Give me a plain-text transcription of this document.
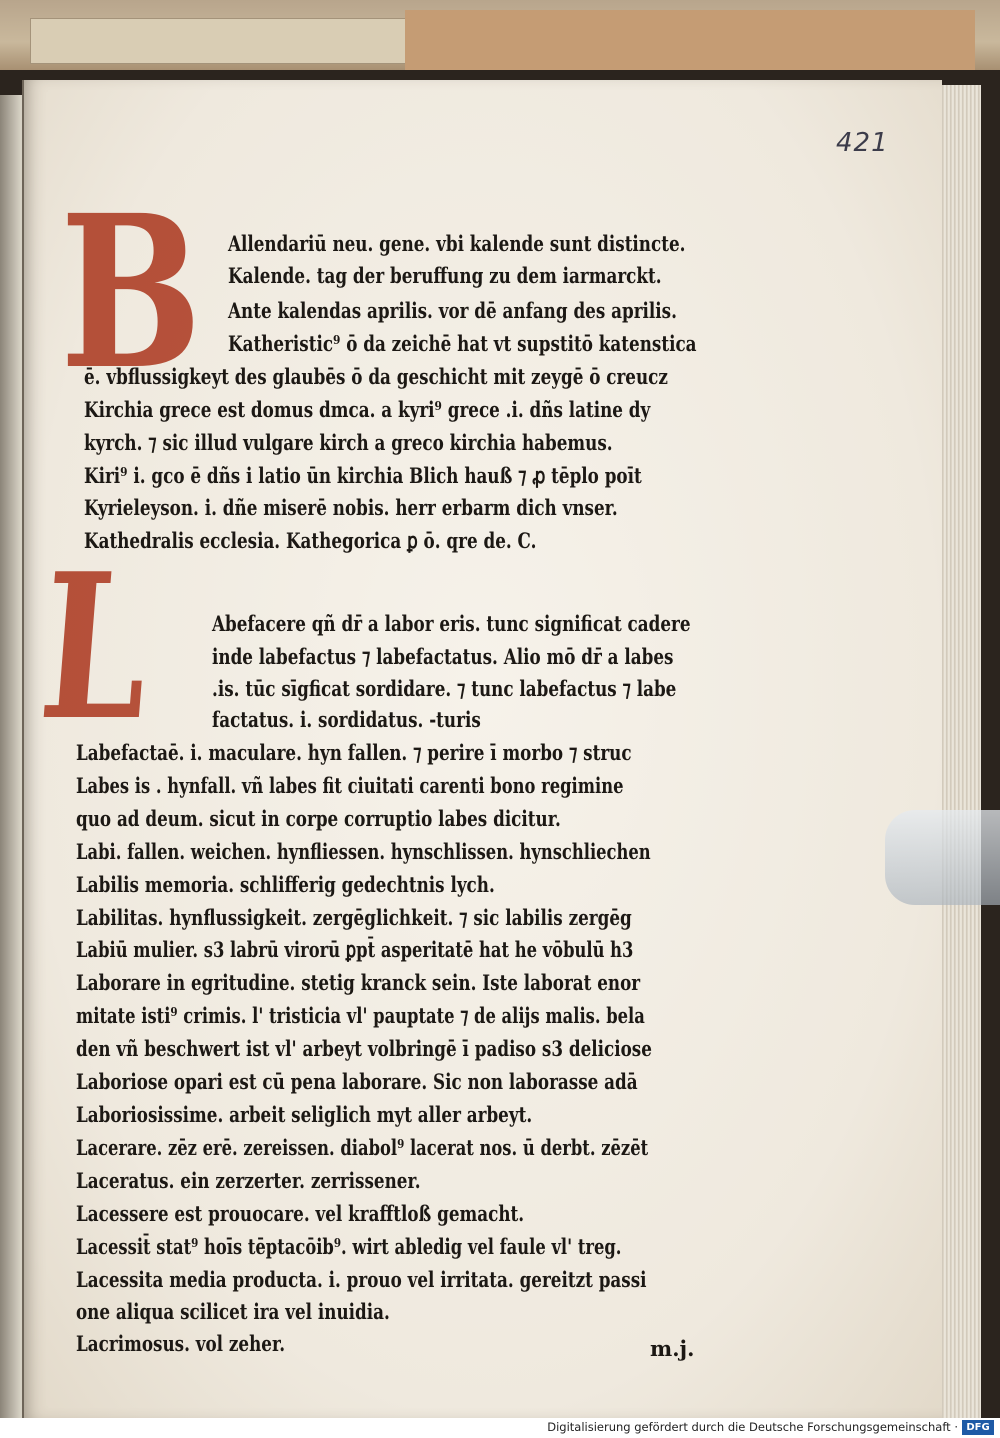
421
B
L
Allendariū neu. gene. vbi kalende sunt distincte.
Kalende. tag der beruffung zu dem iarmarckt.
Ante kalendas aprilis. vor dē anfang des aprilis.
Katheristic⁹ ō da zeichē hat vt supstitō katenstica
ē. vbflussigkeyt des glaubēs ō da geschicht mit zeygē ō creucz
Kirchia grece est domus dmca. a kyri⁹ grece .i. dñs latine dy
kyrch. ⁊ sic illud vulgare kirch a greco kirchia habemus.
Kiri⁹ i. gco ē dñs i latio ūn kirchia Blich hauß ⁊ ꝓ tēplo poīt
Kyrieleyson. i. dñe miserē nobis. herr erbarm dich vnser.
Kathedralis ecclesia. Kathegorica ꝑ ō. qre de. C.
Abefacere qñ dr̄ a labor eris. tunc significat cadere
inde labefactus ⁊ labefactatus. Alio mō dr̄ a labes
.is. tūc sīgficat sordidare. ⁊ tunc labefactus ⁊ labe
factatus. i. sordidatus. -turis
Labefactaē. i. maculare. hyn fallen. ⁊ perire ī morbo ⁊ struc
Labes is . hynfall. vñ labes fit ciuitati carenti bono regimine
quo ad deum. sicut in corpe corruptio labes dicitur.
Labi. fallen. weichen. hynfliessen. hynschlissen. hynschliechen
Labilis memoria. schlifferig gedechtnis lych.
Labilitas. hynflussigkeit. zergēglichkeit. ⁊ sic labilis zergēg
Labiū mulier. s3 labrū virorū ꝑpt̄ asperitatē hat he vōbulū h3
Laborare in egritudine. stetig kranck sein. Iste laborat enor
mitate isti⁹ crimis. l' tristicia vl' pauptate ⁊ de alijs malis. bela
den vñ beschwert ist vl' arbeyt volbringē ī padiso s3 deliciose
Laboriose opari est cū pena laborare. Sic non laborasse adā
Laboriosissime. arbeit seliglich myt aller arbeyt.
Lacerare. zēz erē. zereissen. diabol⁹ lacerat nos. ū derbt. zēzēt
Laceratus. ein zerzerter. zerrissener.
Lacessere est prouocare. vel krafftloß gemacht.
Lacessit̄ stat⁹ hoīs tēptacōib⁹. wirt abledig vel faule vl' treg.
Lacessita media producta. i. prouo vel irritata. gereitzt passi
one aliqua scilicet ira vel inuidia.
Lacrimosus. vol zeher.	m.j.
Digitalisierung gefördert durch die Deutsche Forschungsgemeinschaft · DFG
